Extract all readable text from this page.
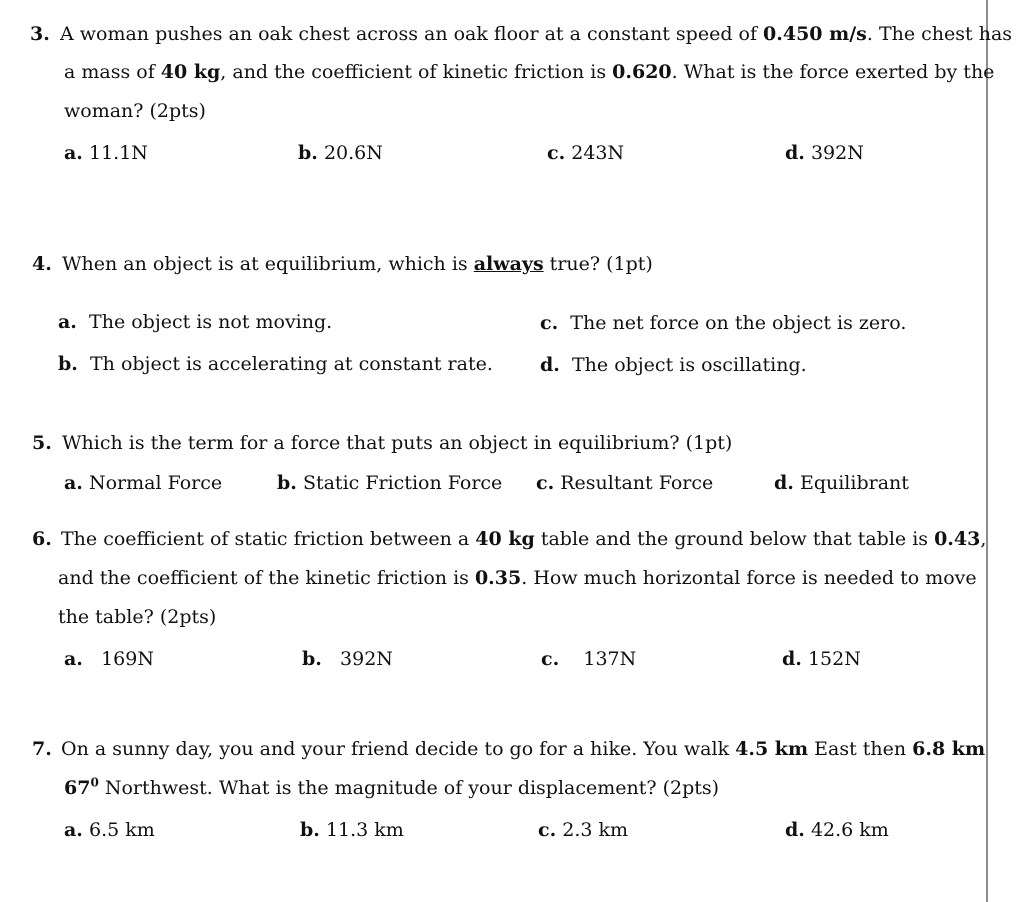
3. A woman pushes an oak chest across an oak floor at a constant speed of 0.450 m/s. The chest has
a mass of 40 kg, and the coefficient of kinetic friction is 0.620. What is the force exerted by the
woman? (2pts)
a. 11.1N	b. 20.6N	c. 243N	d. 392N
4. When an object is at equilibrium, which is always true? (1pt)
a. The object is not moving.
b. Th object is accelerating at constant rate.
c. The net force on the object is zero.
d. The object is oscillating.
5. Which is the term for a force that puts an object in equilibrium? (1pt)
a. Normal Force	b. Static Friction Force c. Resultant Force	d. Equilibrant
6. The coefficient of static friction between a 40 kg table and the ground below that table is 0.43,
and the coefficient of the kinetic friction is 0.35. How much horizontal force is needed to move
the table? (2pts)
a. 169N	b. 392N	c. 137N	d. 152N
7. On a sunny day, you and your friend decide to go for a hike. You walk 4.5 km East then 6.8 km
$67^0$ Northwest. What is the magnitude of your displacement? (2pts)
a. 6.5 km	b. 11.3 km	c. 2.3 km	d. 42.6 km
